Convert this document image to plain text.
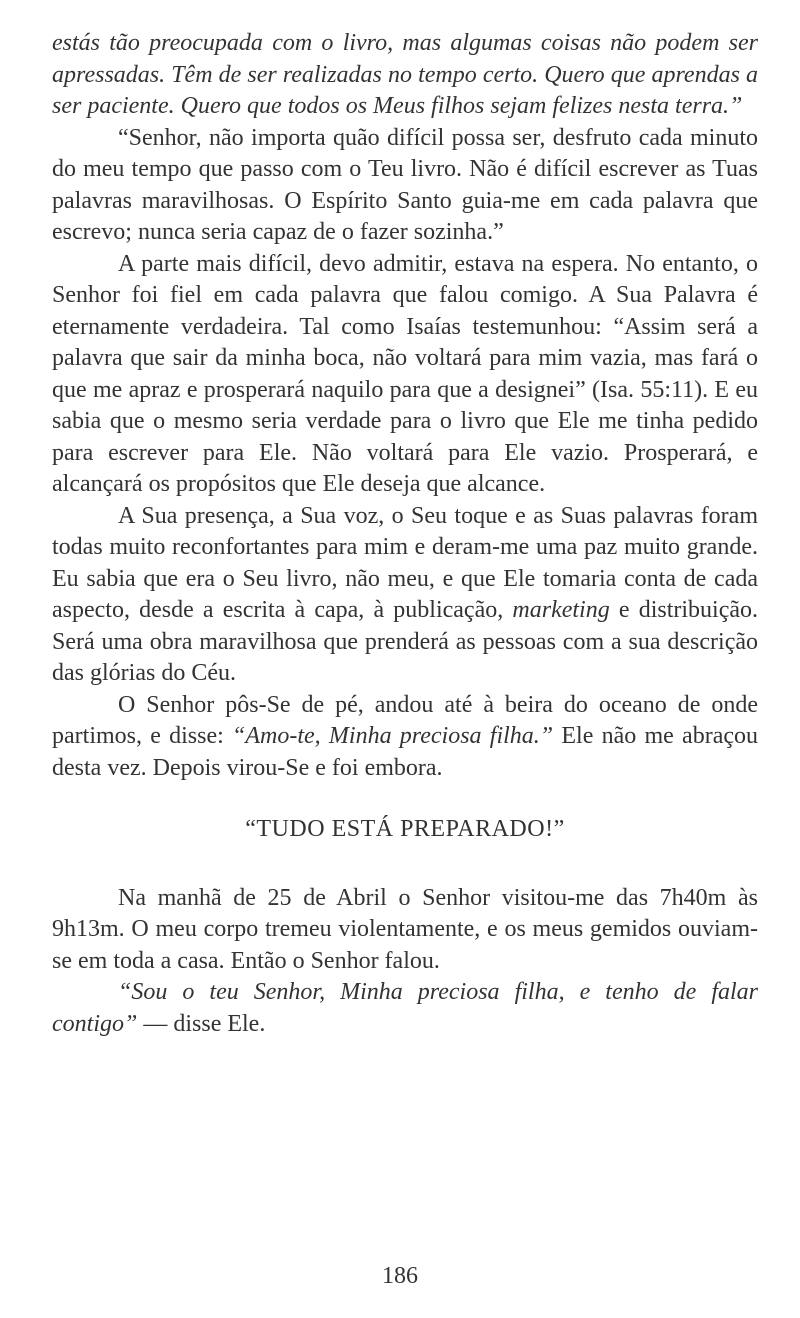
estás tão preocupada com o livro, mas algumas coisas não podem ser apressadas. Têm de ser realizadas no tempo certo. Quero que aprendas a ser paciente. Quero que todos os Meus filhos sejam felizes nesta terra.”

“Senhor, não importa quão difícil possa ser, desfruto cada minuto do meu tempo que passo com o Teu livro. Não é difícil escrever as Tuas palavras maravilhosas. O Espírito Santo guia-me em cada palavra que escrevo; nunca seria capaz de o fazer sozinha.”

A parte mais difícil, devo admitir, estava na espera. No entanto, o Senhor foi fiel em cada palavra que falou comigo. A Sua Palavra é eternamente verdadeira. Tal como Isaías testemunhou: “Assim será a palavra que sair da minha boca, não voltará para mim vazia, mas fará o que me apraz e prosperará naquilo para que a designei” (Isa. 55:11). E eu sabia que o mesmo seria verdade para o livro que Ele me tinha pedido para escrever para Ele. Não voltará para Ele vazio. Prosperará, e alcançará os propósitos que Ele deseja que alcance.

A Sua presença, a Sua voz, o Seu toque e as Suas palavras foram todas muito reconfortantes para mim e deram-me uma paz muito grande. Eu sabia que era o Seu livro, não meu, e que Ele tomaria conta de cada aspecto, desde a escrita à capa, à publicação, marketing e distribuição. Será uma obra maravilhosa que prenderá as pessoas com a sua descrição das glórias do Céu.

O Senhor pôs-Se de pé, andou até à beira do oceano de onde partimos, e disse: “Amo-te, Minha preciosa filha.” Ele não me abraçou desta vez. Depois virou-Se e foi embora.

“TUDO ESTÁ PREPARADO!”

Na manhã de 25 de Abril o Senhor visitou-me das 7h40m às 9h13m. O meu corpo tremeu violentamente, e os meus gemidos ouviam-se em toda a casa. Então o Senhor falou.

“Sou o teu Senhor, Minha preciosa filha, e tenho de falar contigo” — disse Ele.

186
